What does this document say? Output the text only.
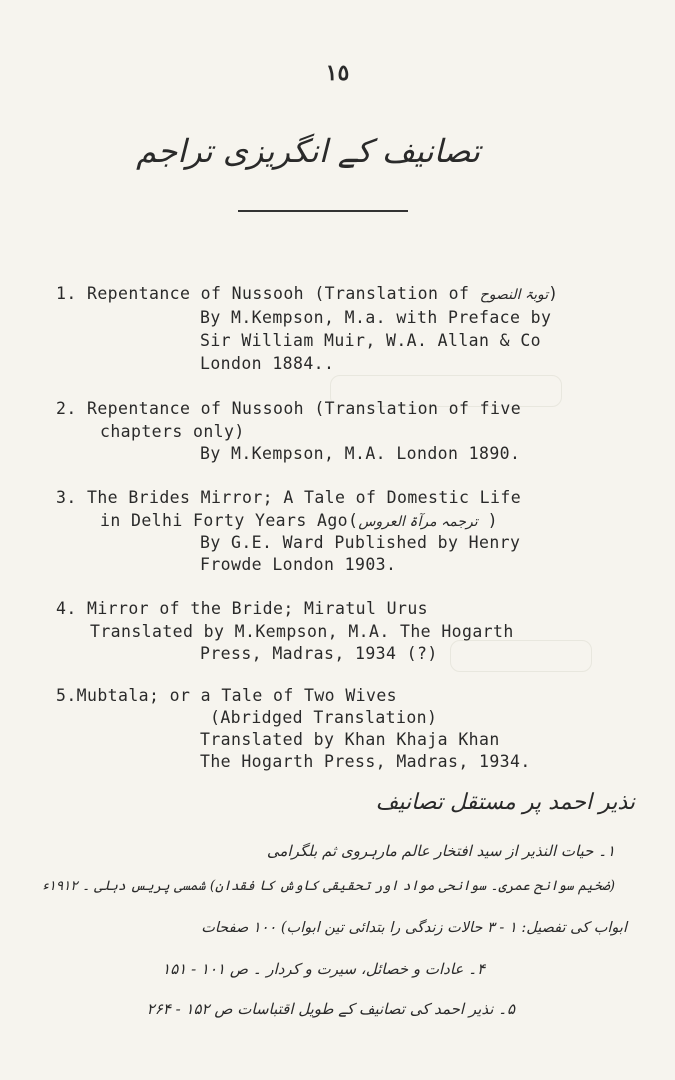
١٥
تصانیف کے انگریزی تراجم
1. Repentance of Nussooh (Translation of توبۃ النصوح)
By M.Kempson, M.a. with Preface by
Sir William Muir, W.A. Allan & Co
London 1884..
2. Repentance of Nussooh (Translation of five
chapters only)
By M.Kempson, M.A. London 1890.
3. The Brides Mirror; A Tale of Domestic Life
in Delhi Forty Years Ago(ترجمہ مرآۃ العروس )
By G.E. Ward Published by Henry
Frowde London 1903.
4. Mirror of the Bride; Miratul Urus
Translated by M.Kempson, M.A. The Hogarth
Press, Madras, 1934 (?)
5.Mubtala; or a Tale of Two Wives
(Abridged Translation)
Translated by Khan Khaja Khan
The Hogarth Press, Madras, 1934.
نذیر احمد پر مستقل تصانیف
۱۔ حیات النذیر از سید افتخار عالم مارہروی ثم بلگرامی
(ضخیم سوانح عمری۔ سوانحی مواد اور تحقیقی کاوش کا فقدان) شمسی پریس دہلی ۔ ۱۹۱۲ء
ابواب کی تفصیل: ۱ - ۳ حالات زندگی را بتدائی تین ابواب) ۱۰۰ صفحات
۴۔ عادات و خصائل، سیرت و کردار ۔ ص ۱۰۱ - ۱۵۱
۵۔ نذیر احمد کی تصانیف کے طویل اقتباسات ص ۱۵۲ - ۲۶۴
